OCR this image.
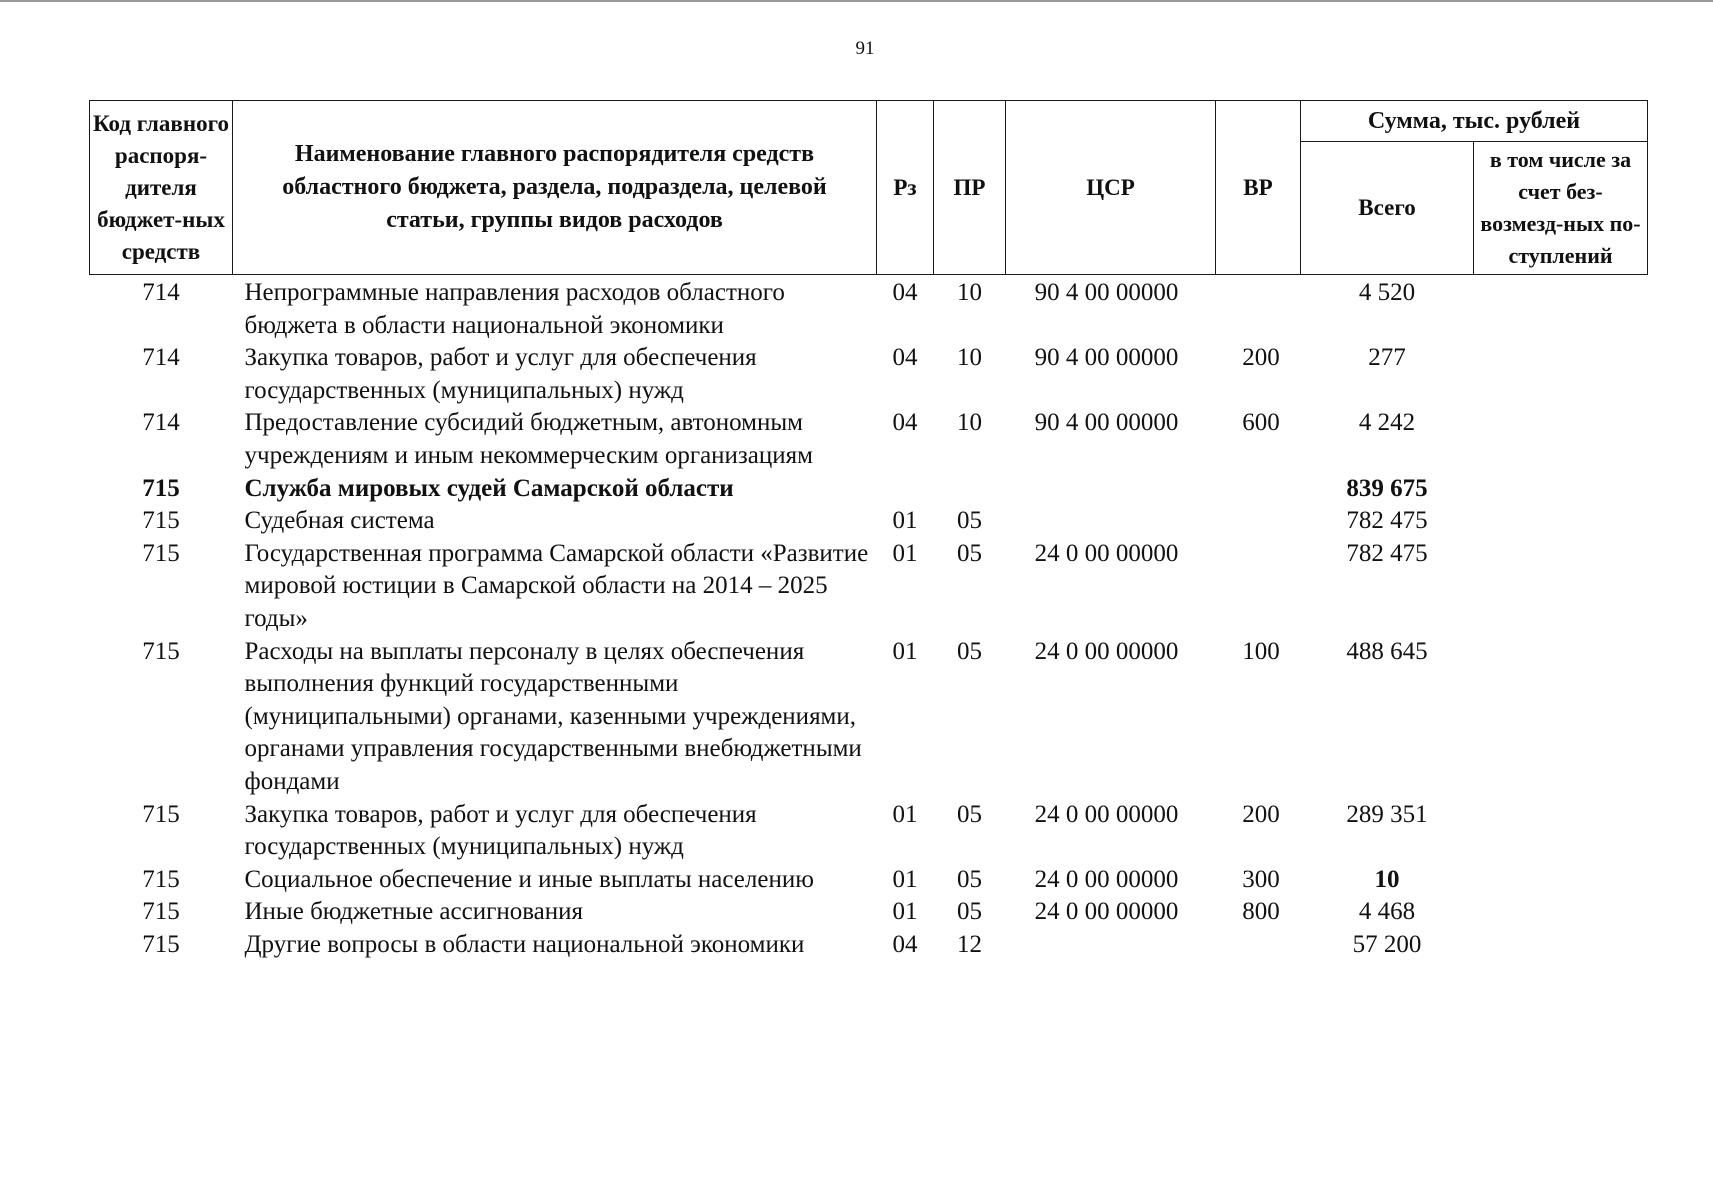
91
Код главного распоря-дителя бюджет-ных средств	Наименование главного распорядителя средств областного бюджета, раздела, подраздела, целевой статьи, группы видов расходов	Рз	ПР	ЦСР	ВР	Сумма, тыс. рублей	
						Всего	в том числе за счет без-возмезд-ных по-ступлений
714	Непрограммные направления расходов областного бюджета в области национальной экономики	04	10	90 4 00 00000		4 520	
714	Закупка товаров, работ и услуг для обеспечения государственных (муниципальных) нужд	04	10	90 4 00 00000	200	277	
714	Предоставление субсидий бюджетным, автономным учреждениям и иным некоммерческим организациям	04	10	90 4 00 00000	600	4 242	
715	Служба мировых судей Самарской области					839 675	
715	Судебная система	01	05			782 475	
715	Государственная программа Самарской области «Развитие мировой юстиции в Самарской области на 2014 – 2025 годы»	01	05	24 0 00 00000		782 475	
715	Расходы на выплаты персоналу в целях обеспечения выполнения функций государственными (муниципальными) органами, казенными учреждениями, органами управления государственными внебюджетными фондами	01	05	24 0 00 00000	100	488 645	
715	Закупка товаров, работ и услуг для обеспечения государственных (муниципальных) нужд	01	05	24 0 00 00000	200	289 351	
715	Социальное обеспечение и иные выплаты населению	01	05	24 0 00 00000	300	10	
715	Иные бюджетные ассигнования	01	05	24 0 00 00000	800	4 468	
715	Другие вопросы в области национальной экономики	04	12			57 200	
